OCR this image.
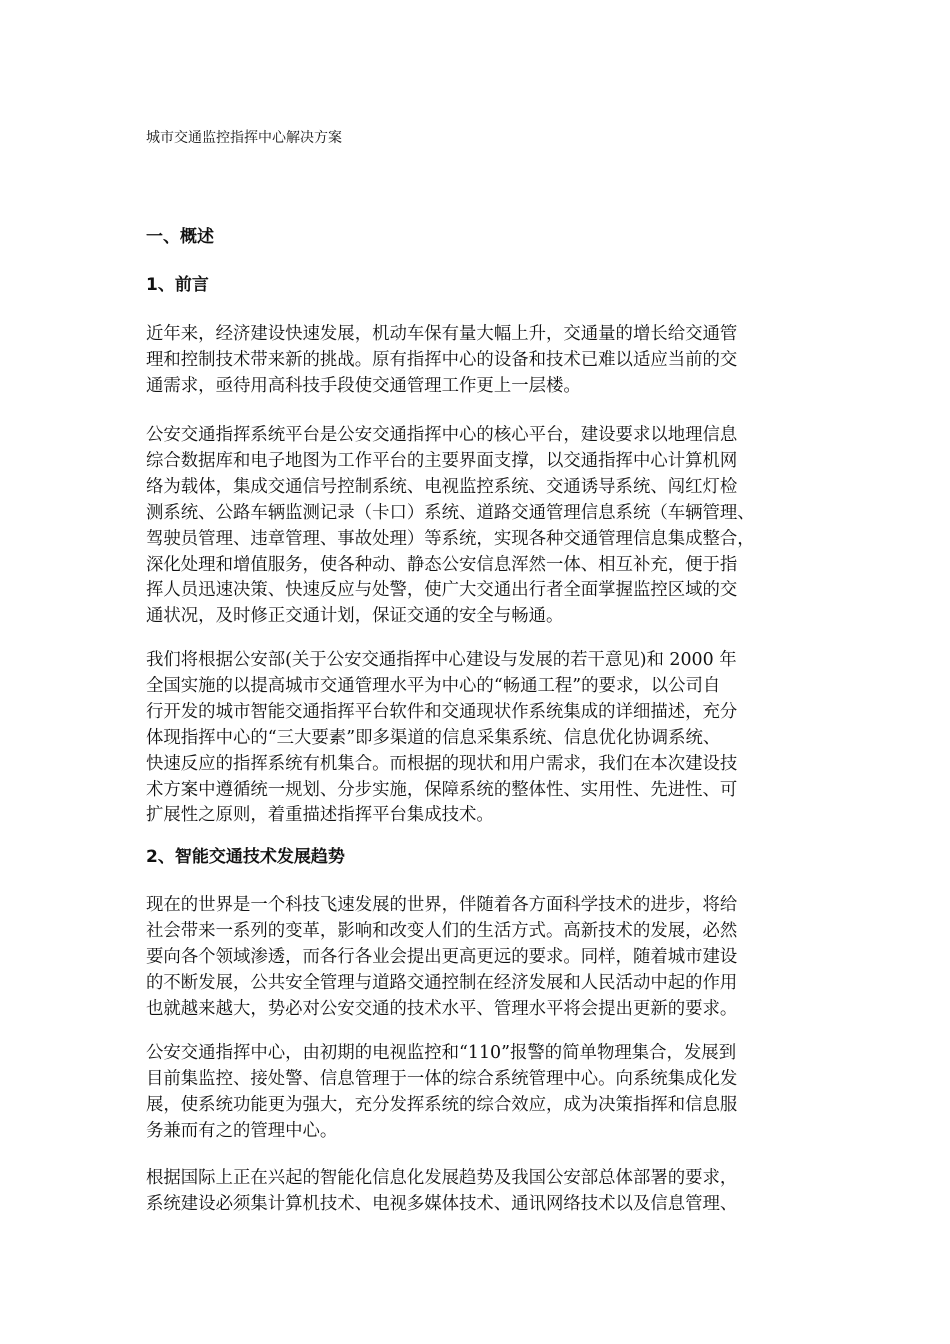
城市交通监控指挥中心解决方案
一、概述
1、前言
近年来，经济建设快速发展，机动车保有量大幅上升，交通量的增长给交通管
理和控制技术带来新的挑战。原有指挥中心的设备和技术已难以适应当前的交
通需求，亟待用高科技手段使交通管理工作更上一层楼。
公安交通指挥系统平台是公安交通指挥中心的核心平台，建设要求以地理信息
综合数据库和电子地图为工作平台的主要界面支撑，以交通指挥中心计算机网
络为载体，集成交通信号控制系统、电视监控系统、交通诱导系统、闯红灯检
测系统、公路车辆监测记录（卡口）系统、道路交通管理信息系统（车辆管理、
驾驶员管理、违章管理、事故处理）等系统，实现各种交通管理信息集成整合，
深化处理和增值服务，使各种动、静态公安信息浑然一体、相互补充，便于指
挥人员迅速决策、快速反应与处警，使广大交通出行者全面掌握监控区域的交
通状况，及时修正交通计划，保证交通的安全与畅通。
我们将根据公安部(关于公安交通指挥中心建设与发展的若干意见)和 2000 年
全国实施的以提高城市交通管理水平为中心的“畅通工程”的要求，以公司自
行开发的城市智能交通指挥平台软件和交通现状作系统集成的详细描述，充分
体现指挥中心的“三大要素”即多渠道的信息采集系统、信息优化协调系统、
快速反应的指挥系统有机集合。而根据的现状和用户需求，我们在本次建设技
术方案中遵循统一规划、分步实施，保障系统的整体性、实用性、先进性、可
扩展性之原则，着重描述指挥平台集成技术。
2、智能交通技术发展趋势
现在的世界是一个科技飞速发展的世界，伴随着各方面科学技术的进步，将给
社会带来一系列的变革，影响和改变人们的生活方式。高新技术的发展，必然
要向各个领域渗透，而各行各业会提出更高更远的要求。同样，随着城市建设
的不断发展，公共安全管理与道路交通控制在经济发展和人民活动中起的作用
也就越来越大，势必对公安交通的技术水平、管理水平将会提出更新的要求。
公安交通指挥中心，由初期的电视监控和“110”报警的简单物理集合，发展到
目前集监控、接处警、信息管理于一体的综合系统管理中心。向系统集成化发
展，使系统功能更为强大，充分发挥系统的综合效应，成为决策指挥和信息服
务兼而有之的管理中心。
根据国际上正在兴起的智能化信息化发展趋势及我国公安部总体部署的要求，
系统建设必须集计算机技术、电视多媒体技术、通讯网络技术以及信息管理、
